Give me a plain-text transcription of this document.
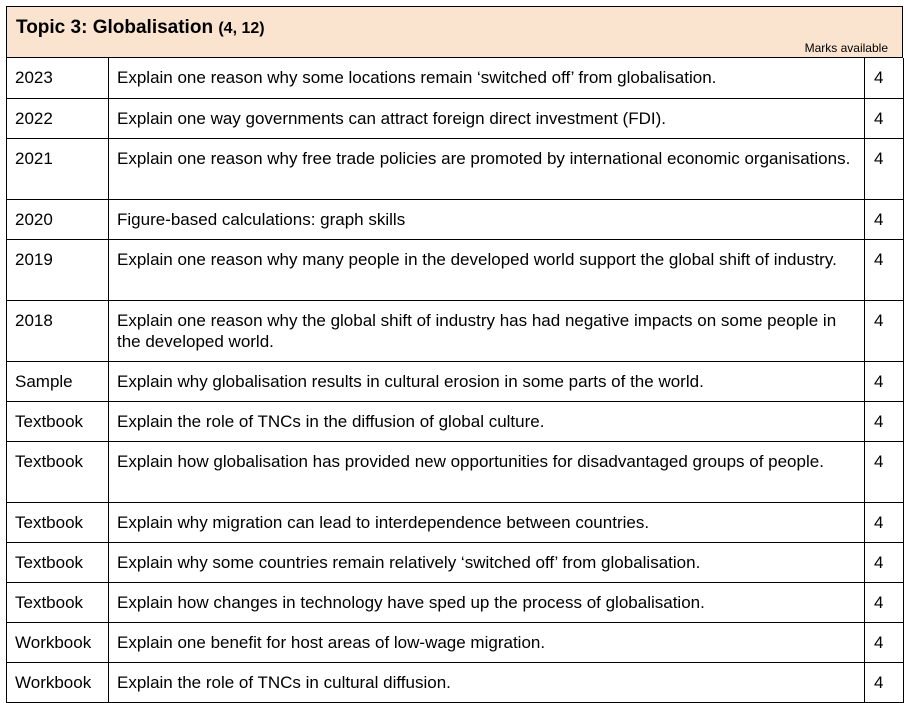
Topic 3: Globalisation (4, 12)
Marks available
2023	Explain one reason why some locations remain ‘switched off’ from globalisation.	4
2022	Explain one way governments can attract foreign direct investment (FDI).	4
2021	Explain one reason why free trade policies are promoted by international economic organisations.	4
2020	Figure-based calculations: graph skills	4
2019	Explain one reason why many people in the developed world support the global shift of industry.	4
2018	Explain one reason why the global shift of industry has had negative impacts on some people in the developed world.	4
Sample	Explain why globalisation results in cultural erosion in some parts of the world.	4
Textbook	Explain the role of TNCs in the diffusion of global culture.	4
Textbook	Explain how globalisation has provided new opportunities for disadvantaged groups of people.	4
Textbook	Explain why migration can lead to interdependence between countries.	4
Textbook	Explain why some countries remain relatively ‘switched off’ from globalisation.	4
Textbook	Explain how changes in technology have sped up the process of globalisation.	4
Workbook	Explain one benefit for host areas of low-wage migration.	4
Workbook	Explain the role of TNCs in cultural diffusion.	4
